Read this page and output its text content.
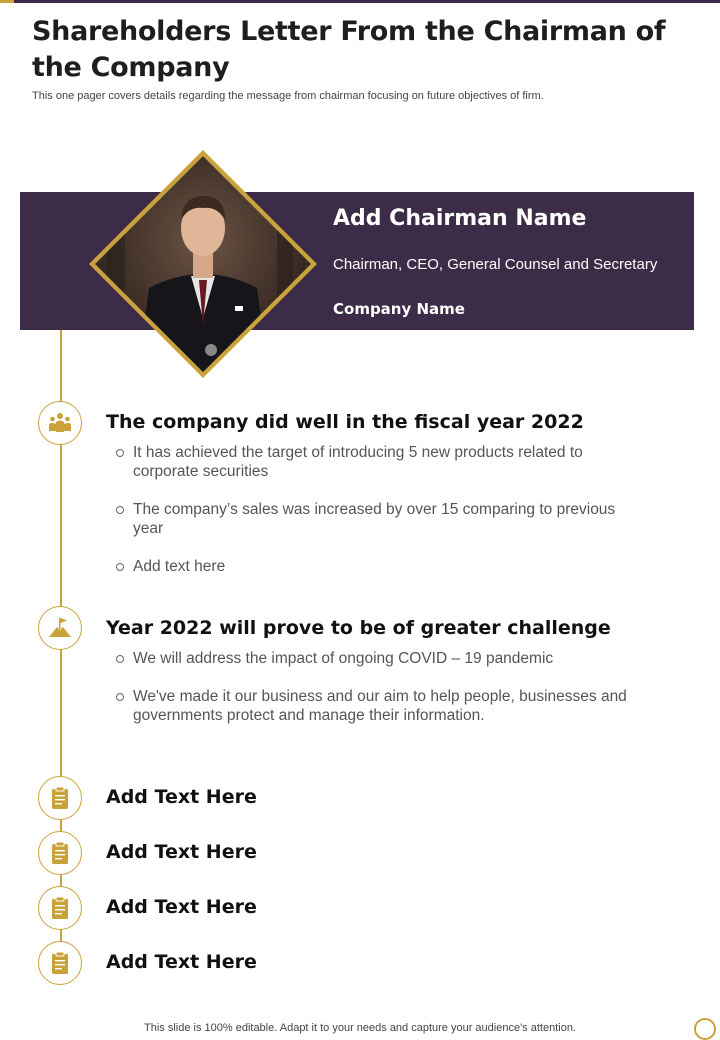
Shareholders Letter From the Chairman of the Company
This one pager covers details regarding the message from chairman focusing on future objectives of firm.
Add Chairman Name
Chairman, CEO, General Counsel and Secretary
Company Name
The company did well in the fiscal year 2022
It has achieved the target of introducing 5 new products related to corporate securities
The company’s sales was increased by over 15 comparing to previous year
Add text here
Year 2022 will prove to be of greater challenge
We will address the impact of ongoing COVID – 19 pandemic
We've made it our business and our aim to help people, businesses and governments protect and manage their information.
Add Text Here
Add Text Here
Add Text Here
Add Text Here
This slide is 100% editable. Adapt it to your needs and capture your audience's attention.
